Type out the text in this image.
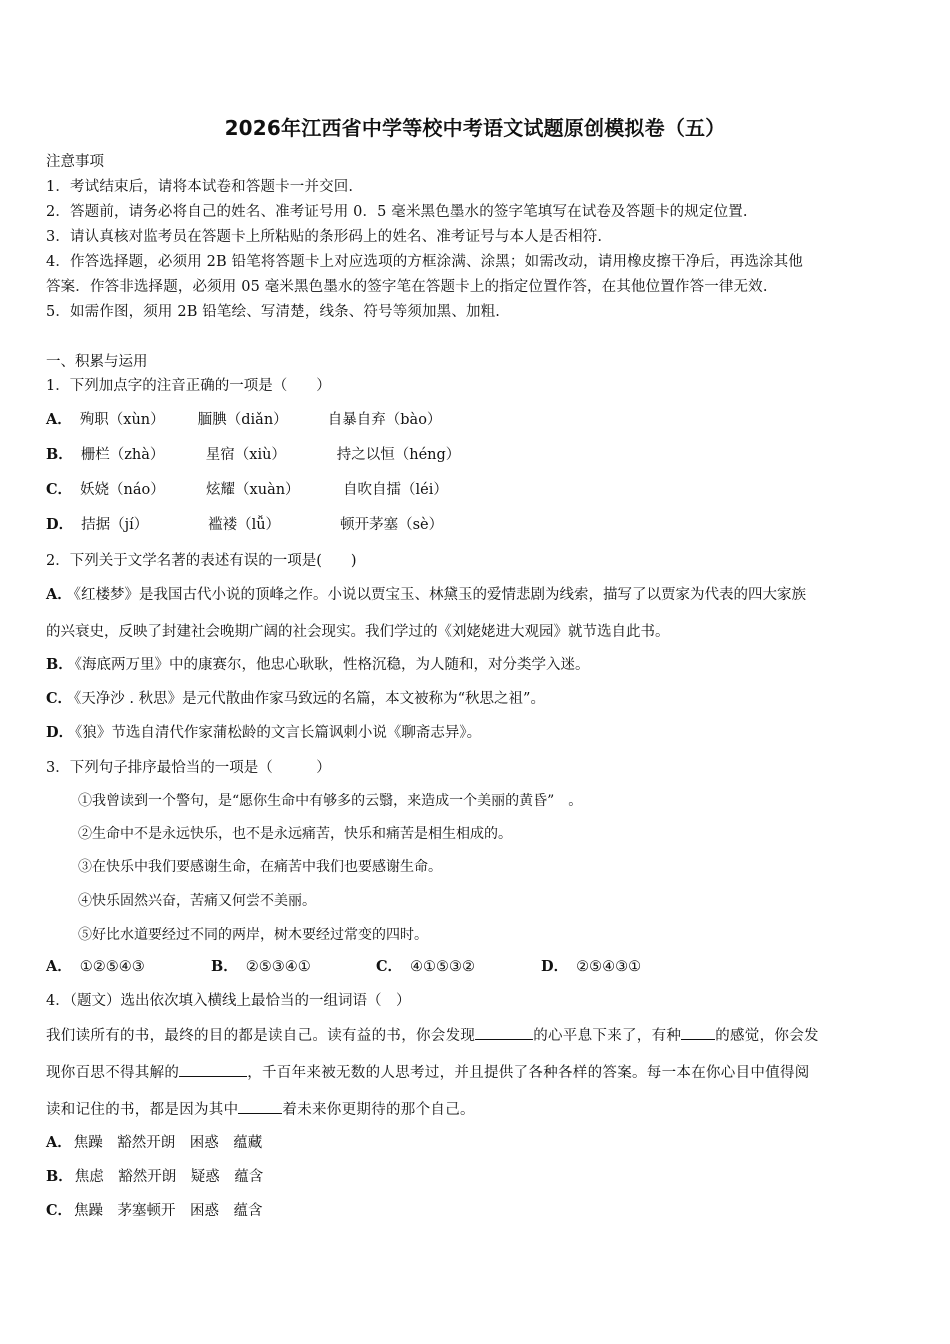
2026年江西省中学等校中考语文试题原创模拟卷（五）
注意事项
1．考试结束后，请将本试卷和答题卡一并交回.
2．答题前，请务必将自己的姓名、准考证号用 0．5 毫米黑色墨水的签字笔填写在试卷及答题卡的规定位置.
3．请认真核对监考员在答题卡上所粘贴的条形码上的姓名、准考证号与本人是否相符.
4．作答选择题，必须用 2B 铅笔将答题卡上对应选项的方框涂满、涂黑；如需改动，请用橡皮擦干净后，再选涂其他
答案．作答非选择题，必须用 05 毫米黑色墨水的签字笔在答题卡上的指定位置作答，在其他位置作答一律无效.
5．如需作图，须用 2B 铅笔绘、写清楚，线条、符号等须加黑、加粗.
一、积累与运用
1．下列加点字的注音正确的一项是（　　）
A． 殉职（xùn） 腼腆（diǎn）	自暴自弃（bào）
B． 栅栏（zhà）	星宿（xiù）	持之以恒（héng）
C． 妖娆（náo）	炫耀（xuàn）	自吹自擂（léi）
D． 拮据（jí）	褴褛（lǚ）	顿开茅塞（sè）
2．下列关于文学名著的表述有误的一项是(　　)
A． 《红楼梦》是我国古代小说的顶峰之作。小说以贾宝玉、林黛玉的爱情悲剧为线索，描写了以贾家为代表的四大家族
的兴衰史，反映了封建社会晚期广阔的社会现实。我们学过的《刘姥姥进大观园》就节选自此书。
B． 《海底两万里》中的康赛尔，他忠心耿耿，性格沉稳，为人随和，对分类学入迷。
C． 《天净沙 . 秋思》是元代散曲作家马致远的名篇，本文被称为“秋思之祖”。
D． 《狼》节选自清代作家蒲松龄的文言长篇讽刺小说《聊斋志异》。
3．下列句子排序最恰当的一项是（　　　）
①我曾读到一个警句，是“愿你生命中有够多的云翳，来造成一个美丽的黄昏”　。
②生命中不是永远快乐，也不是永远痛苦，快乐和痛苦是相生相成的。
③在快乐中我们要感谢生命，在痛苦中我们也要感谢生命。
④快乐固然兴奋，苦痛又何尝不美丽。
⑤好比水道要经过不同的两岸，树木要经过常变的四时。
A． ①②⑤④③	B． ②⑤③④①	C． ④①⑤③②	D． ②⑤④③①
4．（题文）选出依次填入横线上最恰当的一组词语（　）
我们读所有的书，最终的目的都是读自己。读有益的书，你会发现	的心平息下来了，有种 的感觉，你会发
现你百思不得其解的	，千百年来被无数的人思考过，并且提供了各种各样的答案。每一本在你心目中值得阅
读和记住的书，都是因为其中	着未来你更期待的那个自己。
A． 焦躁　豁然开朗　困惑　蕴藏
B． 焦虑　豁然开朗　疑惑　蕴含
C． 焦躁　茅塞顿开　困惑　蕴含
